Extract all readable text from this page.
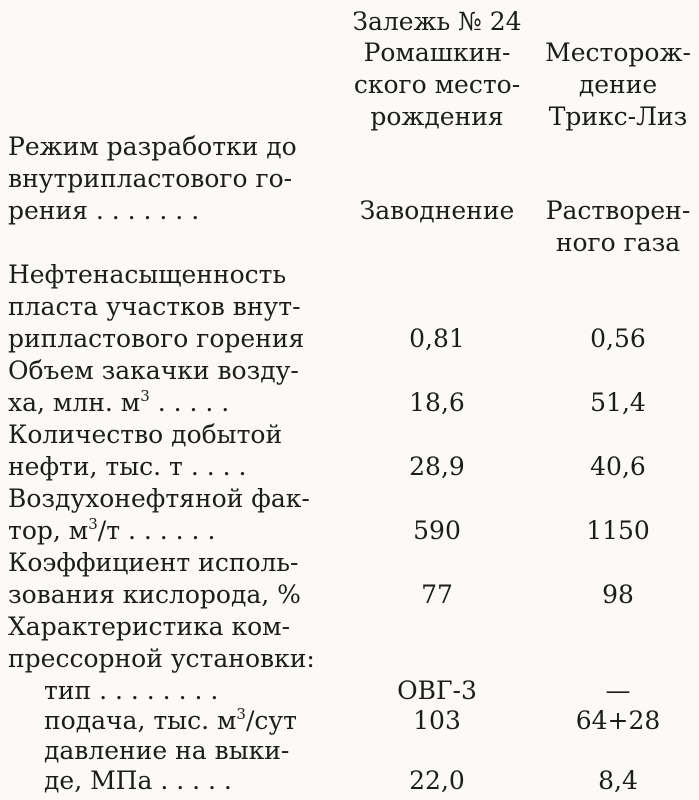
Залежь № 24
Ромашкин-
ского место-
рождения
Месторож-
дение
Трикс-Лиз
Режим разработки до
внутрипластового го-
рения . . . . . . .	Заводнение	Растворен-
ного газа
Нефтенасыщенность
пласта участков внут-
рипластового горения	0,81	0,56
Объем закачки возду-
ха, млн. $м^3$ . . . . .	18,6	51,4
Количество добытой
нефти, тыс. т . . . .	28,9	40,6
Воздухонефтяной фак-
тор, $м^3/т$ . . . . . .	590	1150
Коэффициент исполь-
зования кислорода, %	77	98
Характеристика ком-
прессорной установки:
тип . . . . . . . .	ОВГ-3	—
подача, тыс. $м^3$/сут	103	64+28
давление на выки-
де, МПа . . . . .	22,0	8,4
